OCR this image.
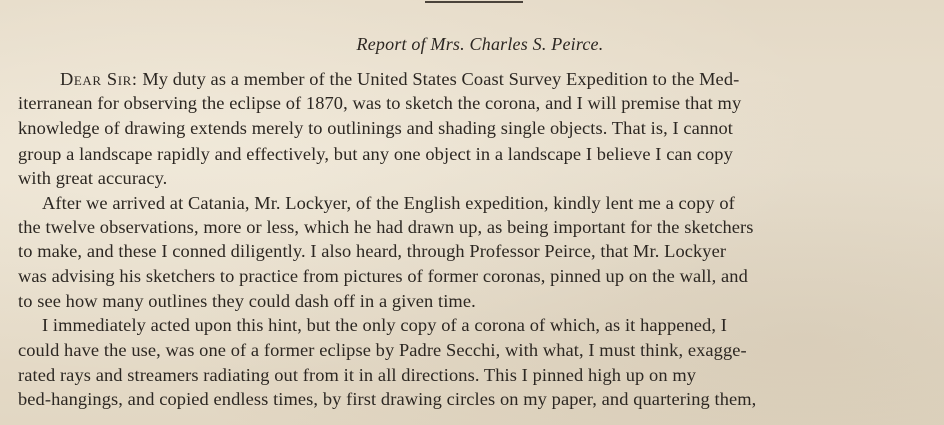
Report of Mrs. Charles S. Peirce.
Dear Sir: My duty as a member of the United States Coast Survey Expedition to the Med-
iterranean for observing the eclipse of 1870, was to sketch the corona, and I will premise that my
knowledge of drawing extends merely to outlinings and shading single objects. That is, I cannot
group a landscape rapidly and effectively, but any one object in a landscape I believe I can copy
with great accuracy.
After we arrived at Catania, Mr. Lockyer, of the English expedition, kindly lent me a copy of
the twelve observations, more or less, which he had drawn up, as being important for the sketchers
to make, and these I conned diligently. I also heard, through Professor Peirce, that Mr. Lockyer
was advising his sketchers to practice from pictures of former coronas, pinned up on the wall, and
to see how many outlines they could dash off in a given time.
I immediately acted upon this hint, but the only copy of a corona of which, as it happened, I
could have the use, was one of a former eclipse by Padre Secchi, with what, I must think, exagge-
rated rays and streamers radiating out from it in all directions. This I pinned high up on my
bed-hangings, and copied endless times, by first drawing circles on my paper, and quartering them,
